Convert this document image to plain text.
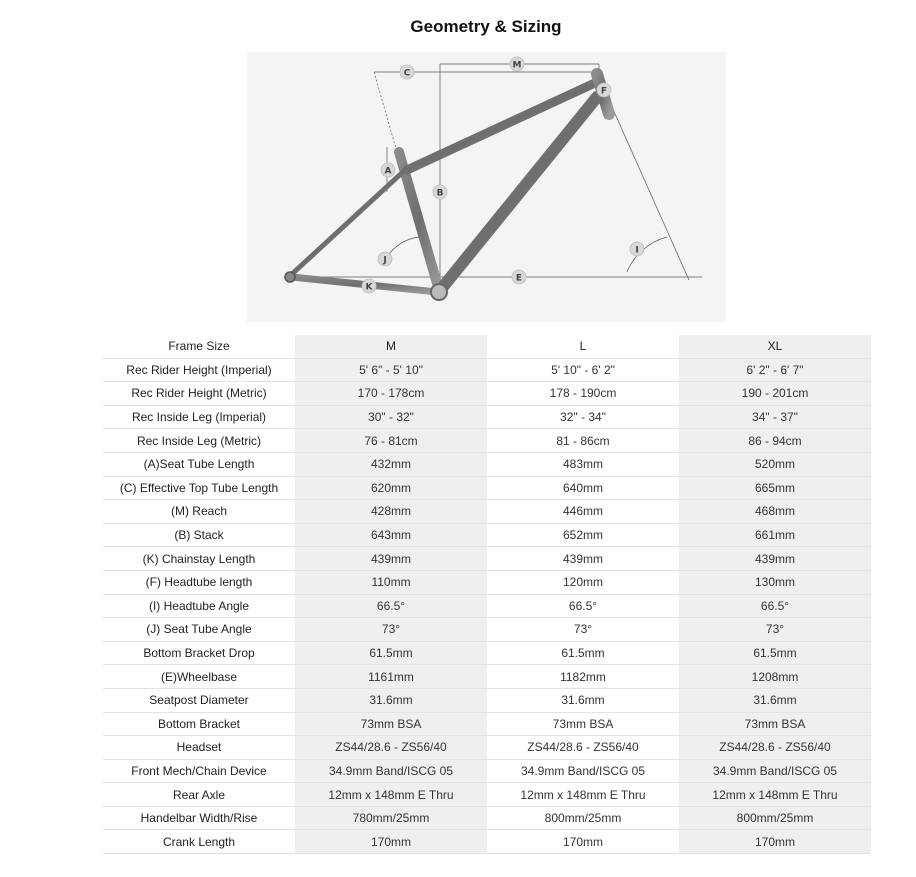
Geometry & Sizing
C
M
F
A
B
J
I
E
K
Frame Size	M	L	XL
Rec Rider Height (Imperial)	5' 6" - 5' 10"	5' 10" - 6' 2"	6' 2" - 6' 7"
Rec Rider Height (Metric)	170 - 178cm	178 - 190cm	190 - 201cm
Rec Inside Leg (Imperial)	30" - 32"	32" - 34"	34" - 37"
Rec Inside Leg (Metric)	76 - 81cm	81 - 86cm	86 - 94cm
(A)Seat Tube Length	432mm	483mm	520mm
(C) Effective Top Tube Length	620mm	640mm	665mm
(M) Reach	428mm	446mm	468mm
(B) Stack	643mm	652mm	661mm
(K) Chainstay Length	439mm	439mm	439mm
(F) Headtube length	110mm	120mm	130mm
(I) Headtube Angle	66.5°	66.5°	66.5°
(J) Seat Tube Angle	73°	73°	73°
Bottom Bracket Drop	61.5mm	61.5mm	61.5mm
(E)Wheelbase	1161mm	1182mm	1208mm
Seatpost Diameter	31.6mm	31.6mm	31.6mm
Bottom Bracket	73mm BSA	73mm BSA	73mm BSA
Headset	ZS44/28.6 - ZS56/40	ZS44/28.6 - ZS56/40	ZS44/28.6 - ZS56/40
Front Mech/Chain Device	34.9mm Band/ISCG 05	34.9mm Band/ISCG 05	34.9mm Band/ISCG 05
Rear Axle	12mm x 148mm E Thru	12mm x 148mm E Thru	12mm x 148mm E Thru
Handelbar Width/Rise	780mm/25mm	800mm/25mm	800mm/25mm
Crank Length	170mm	170mm	170mm
